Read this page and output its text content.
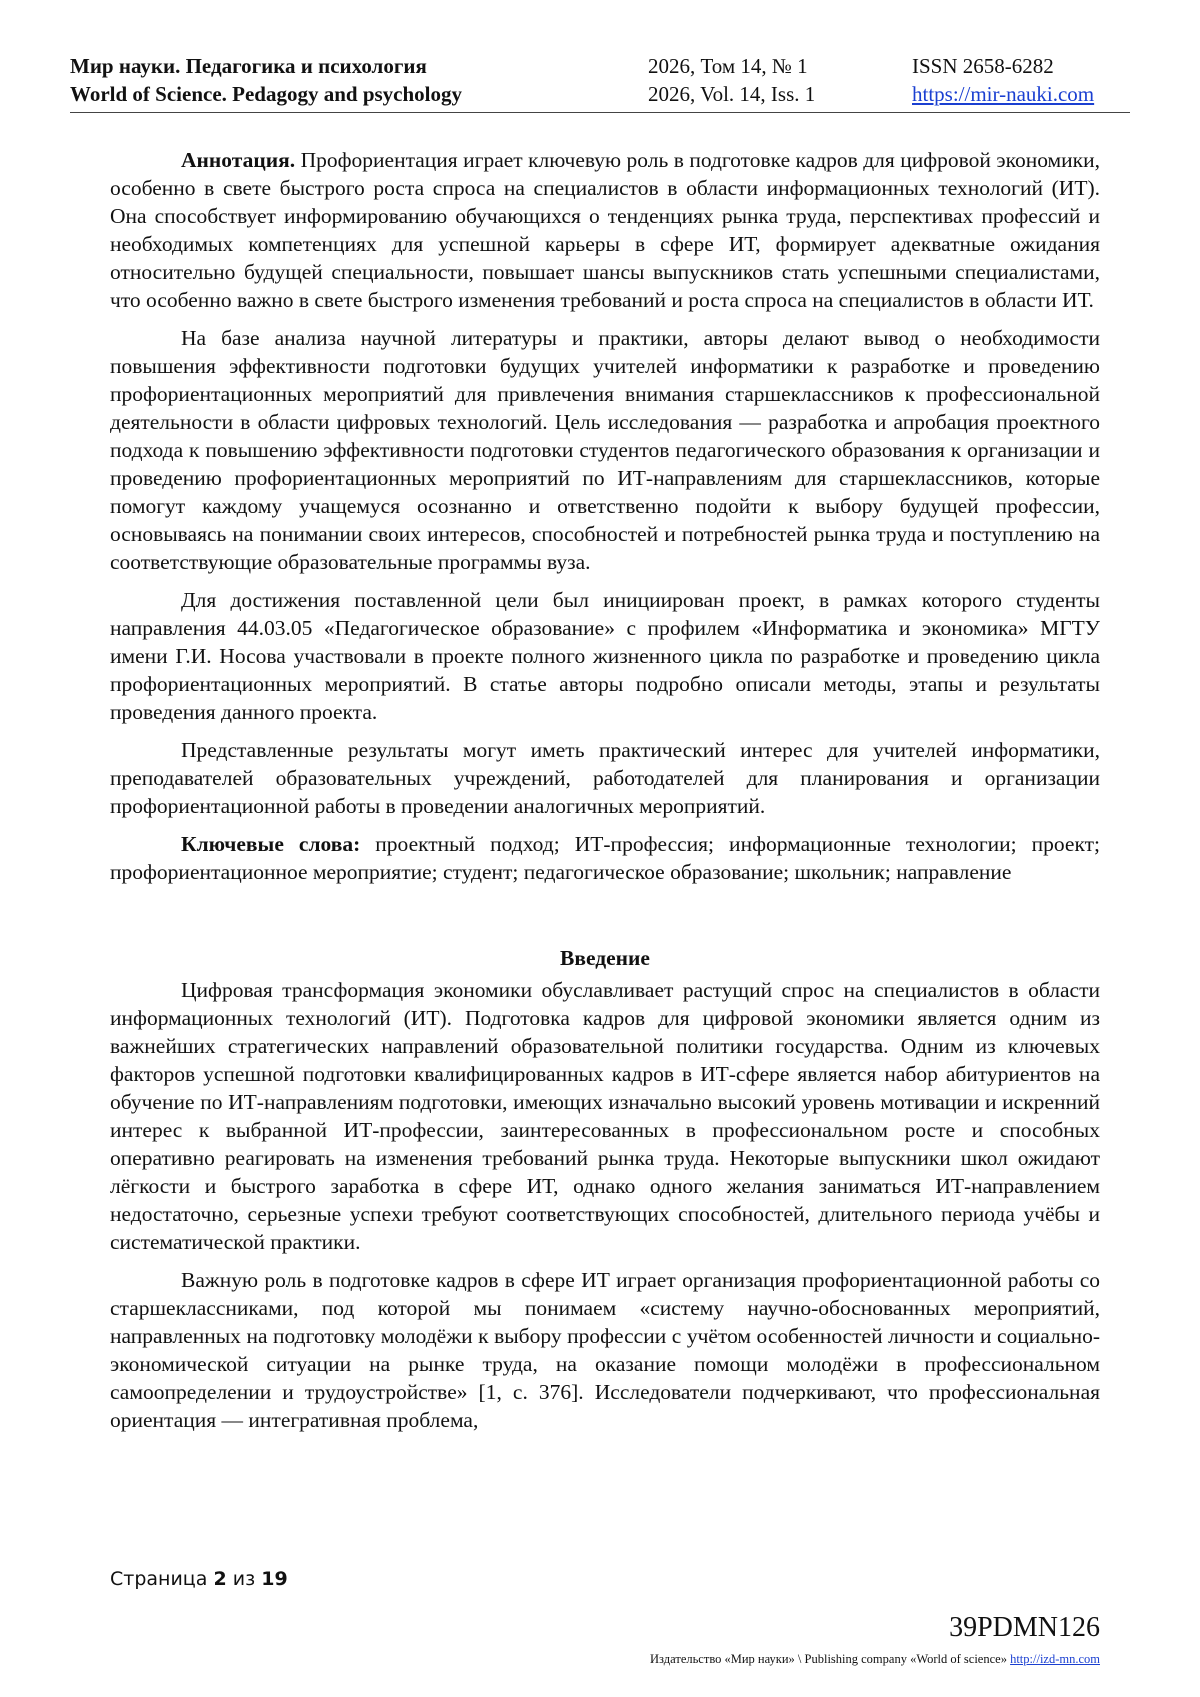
Мир науки. Педагогика и психология
World of Science. Pedagogy and psychology
2026, Том 14, № 1
2026, Vol. 14, Iss. 1
ISSN 2658-6282
https://mir-nauki.com

Аннотация. Профориентация играет ключевую роль в подготовке кадров для цифровой экономики, особенно в свете быстрого роста спроса на специалистов в области информационных технологий (ИТ). Она способствует информированию обучающихся о тенденциях рынка труда, перспективах профессий и необходимых компетенциях для успешной карьеры в сфере ИТ, формирует адекватные ожидания относительно будущей специальности, повышает шансы выпускников стать успешными специалистами, что особенно важно в свете быстрого изменения требований и роста спроса на специалистов в области ИТ.

На базе анализа научной литературы и практики, авторы делают вывод о необходимости повышения эффективности подготовки будущих учителей информатики к разработке и проведению профориентационных мероприятий для привлечения внимания старшеклассников к профессиональной деятельности в области цифровых технологий. Цель исследования — разработка и апробация проектного подхода к повышению эффективности подготовки студентов педагогического образования к организации и проведению профориентационных мероприятий по ИТ-направлениям для старшеклассников, которые помогут каждому учащемуся осознанно и ответственно подойти к выбору будущей профессии, основываясь на понимании своих интересов, способностей и потребностей рынка труда и поступлению на соответствующие образовательные программы вуза.

Для достижения поставленной цели был инициирован проект, в рамках которого студенты направления 44.03.05 «Педагогическое образование» с профилем «Информатика и экономика» МГТУ имени Г.И. Носова участвовали в проекте полного жизненного цикла по разработке и проведению цикла профориентационных мероприятий. В статье авторы подробно описали методы, этапы и результаты проведения данного проекта.

Представленные результаты могут иметь практический интерес для учителей информатики, преподавателей образовательных учреждений, работодателей для планирования и организации профориентационной работы в проведении аналогичных мероприятий.

Ключевые слова: проектный подход; ИТ-профессия; информационные технологии; проект; профориентационное мероприятие; студент; педагогическое образование; школьник; направление

Введение

Цифровая трансформация экономики обуславливает растущий спрос на специалистов в области информационных технологий (ИТ). Подготовка кадров для цифровой экономики является одним из важнейших стратегических направлений образовательной политики государства. Одним из ключевых факторов успешной подготовки квалифицированных кадров в ИТ-сфере является набор абитуриентов на обучение по ИТ-направлениям подготовки, имеющих изначально высокий уровень мотивации и искренний интерес к выбранной ИТ-профессии, заинтересованных в профессиональном росте и способных оперативно реагировать на изменения требований рынка труда. Некоторые выпускники школ ожидают лёгкости и быстрого заработка в сфере ИТ, однако одного желания заниматься ИТ-направлением недостаточно, серьезные успехи требуют соответствующих способностей, длительного периода учёбы и систематической практики.

Важную роль в подготовке кадров в сфере ИТ играет организация профориентационной работы со старшеклассниками, под которой мы понимаем «систему научно-обоснованных мероприятий, направленных на подготовку молодёжи к выбору профессии с учётом особенностей личности и социально-экономической ситуации на рынке труда, на оказание помощи молодёжи в профессиональном самоопределении и трудоустройстве» [1, с. 376]. Исследователи подчеркивают, что профессиональная ориентация — интегративная проблема,

Страница 2 из 19
39PDMN126
Издательство «Мир науки» \ Publishing company «World of science» http://izd-mn.com
